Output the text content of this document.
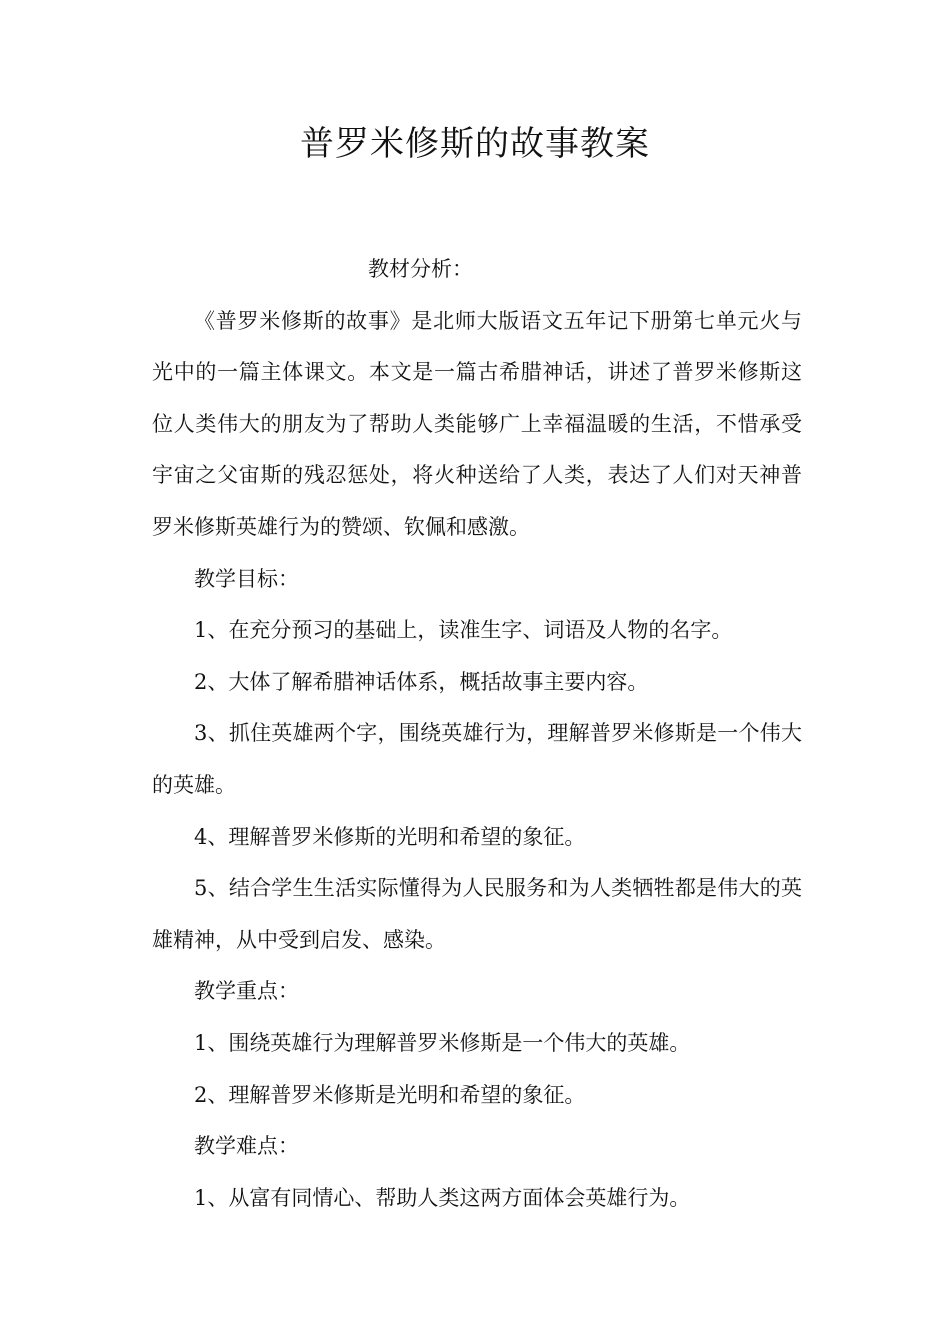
普罗米修斯的故事教案

教材分析：

《普罗米修斯的故事》是北师大版语文五年记下册第七单元火与光中的一篇主体课文。本文是一篇古希腊神话，讲述了普罗米修斯这位人类伟大的朋友为了帮助人类能够广上幸福温暖的生活，不惜承受宇宙之父宙斯的残忍惩处，将火种送给了人类，表达了人们对天神普罗米修斯英雄行为的赞颂、钦佩和感激。

教学目标：

1、在充分预习的基础上，读准生字、词语及人物的名字。

2、大体了解希腊神话体系，概括故事主要内容。

3、抓住英雄两个字，围绕英雄行为，理解普罗米修斯是一个伟大的英雄。

4、理解普罗米修斯的光明和希望的象征。

5、结合学生生活实际懂得为人民服务和为人类牺牲都是伟大的英雄精神，从中受到启发、感染。

教学重点：

1、围绕英雄行为理解普罗米修斯是一个伟大的英雄。

2、理解普罗米修斯是光明和希望的象征。

教学难点：

1、从富有同情心、帮助人类这两方面体会英雄行为。
